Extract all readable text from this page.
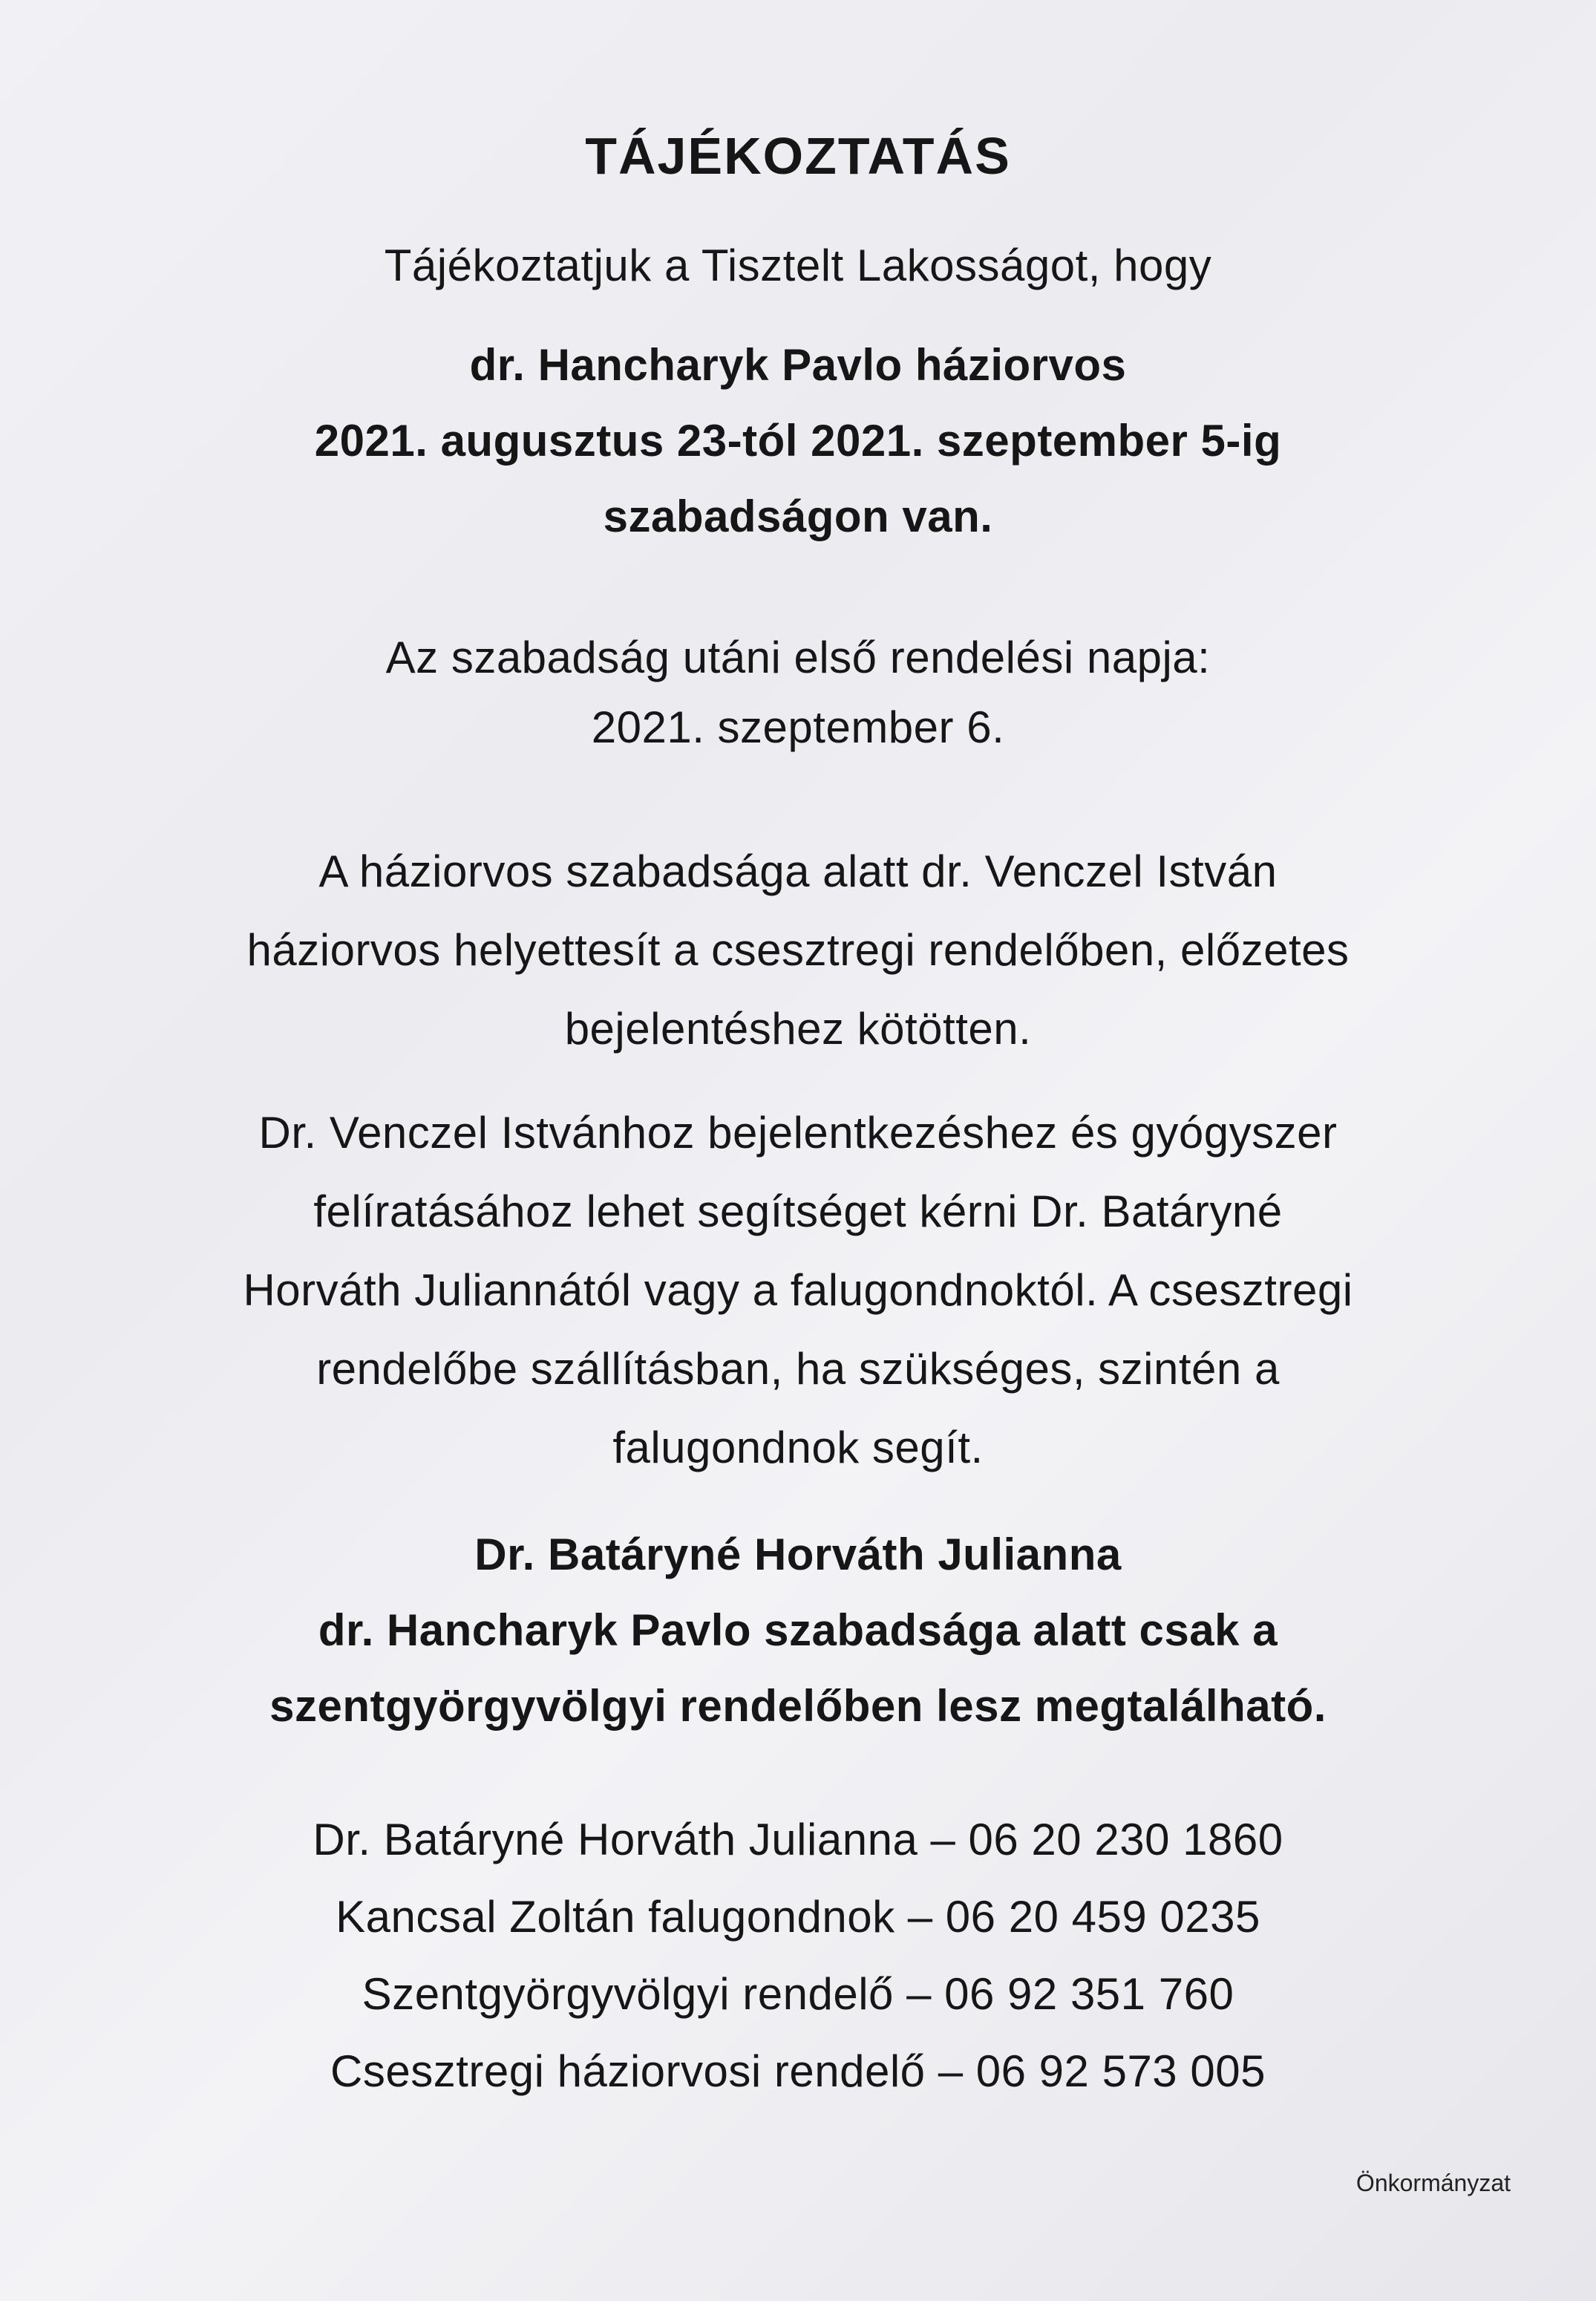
TÁJÉKOZTATÁS
Tájékoztatjuk a Tisztelt Lakosságot, hogy
dr. Hancharyk Pavlo háziorvos
2021. augusztus 23-tól 2021. szeptember 5-ig
szabadságon van.
Az szabadság utáni első rendelési napja:
2021. szeptember 6.
A háziorvos szabadsága alatt dr. Venczel István
háziorvos helyettesít a csesztregi rendelőben, előzetes
bejelentéshez kötötten.
Dr. Venczel Istvánhoz bejelentkezéshez és gyógyszer
felíratásához lehet segítséget kérni Dr. Batáryné
Horváth Juliannától vagy a falugondnoktól. A csesztregi
rendelőbe szállításban, ha szükséges, szintén a
falugondnok segít.
Dr. Batáryné Horváth Julianna
dr. Hancharyk Pavlo szabadsága alatt csak a
szentgyörgyvölgyi rendelőben lesz megtalálható.
Dr. Batáryné Horváth Julianna – 06 20 230 1860
Kancsal Zoltán falugondnok – 06 20 459 0235
Szentgyörgyvölgyi rendelő – 06 92 351 760
Csesztregi háziorvosi rendelő – 06 92 573 005
Önkormányzat
